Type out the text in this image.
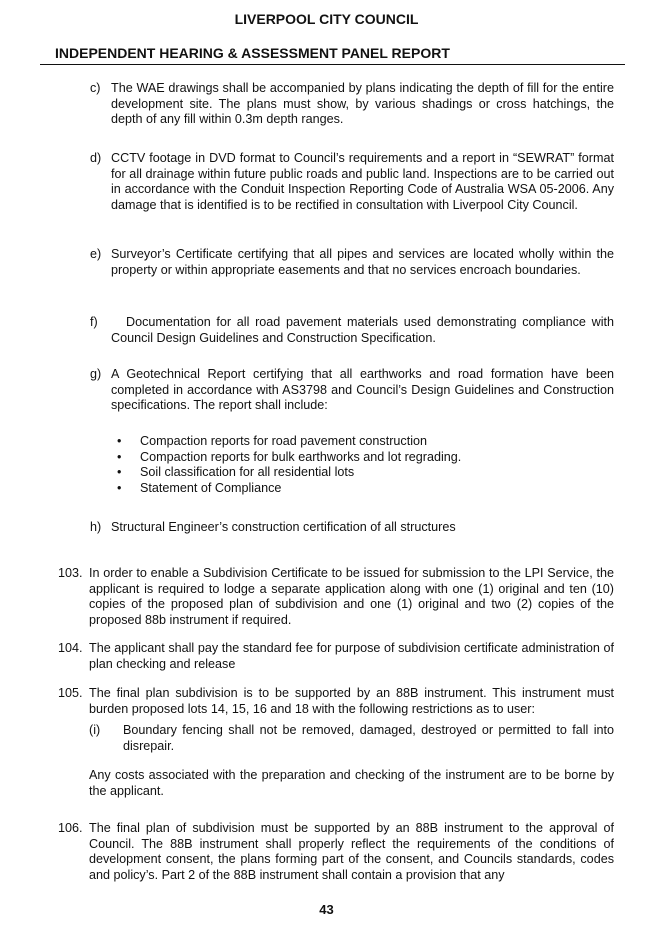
LIVERPOOL CITY COUNCIL
INDEPENDENT HEARING & ASSESSMENT PANEL REPORT
c) The WAE drawings shall be accompanied by plans indicating the depth of fill for the entire development site. The plans must show, by various shadings or cross hatchings, the depth of any fill within 0.3m depth ranges.
d) CCTV footage in DVD format to Council’s requirements and a report in “SEWRAT” format for all drainage within future public roads and public land. Inspections are to be carried out in accordance with the Conduit Inspection Reporting Code of Australia WSA 05-2006. Any damage that is identified is to be rectified in consultation with Liverpool City Council.
e) Surveyor’s Certificate certifying that all pipes and services are located wholly within the property or within appropriate easements and that no services encroach boundaries.
f)	Documentation for all road pavement materials used demonstrating compliance with Council Design Guidelines and Construction Specification.
g) A Geotechnical Report certifying that all earthworks and road formation have been completed in accordance with AS3798 and Council’s Design Guidelines and Construction specifications. The report shall include:
• Compaction reports for road pavement construction
• Compaction reports for bulk earthworks and lot regrading.
• Soil classification for all residential lots
• Statement of Compliance
h) Structural Engineer’s construction certification of all structures
103. In order to enable a Subdivision Certificate to be issued for submission to the LPI Service, the applicant is required to lodge a separate application along with one (1) original and ten (10) copies of the proposed plan of subdivision and one (1) original and two (2) copies of the proposed 88b instrument if required.
104. The applicant shall pay the standard fee for purpose of subdivision certificate administration of plan checking and release
105. The final plan subdivision is to be supported by an 88B instrument. This instrument must burden proposed lots 14, 15, 16 and 18 with the following restrictions as to user:
(i) Boundary fencing shall not be removed, damaged, destroyed or permitted to fall into disrepair.
Any costs associated with the preparation and checking of the instrument are to be borne by the applicant.
106. The final plan of subdivision must be supported by an 88B instrument to the approval of Council. The 88B instrument shall properly reflect the requirements of the conditions of development consent, the plans forming part of the consent, and Councils standards, codes and policy’s. Part 2 of the 88B instrument shall contain a provision that any
43
